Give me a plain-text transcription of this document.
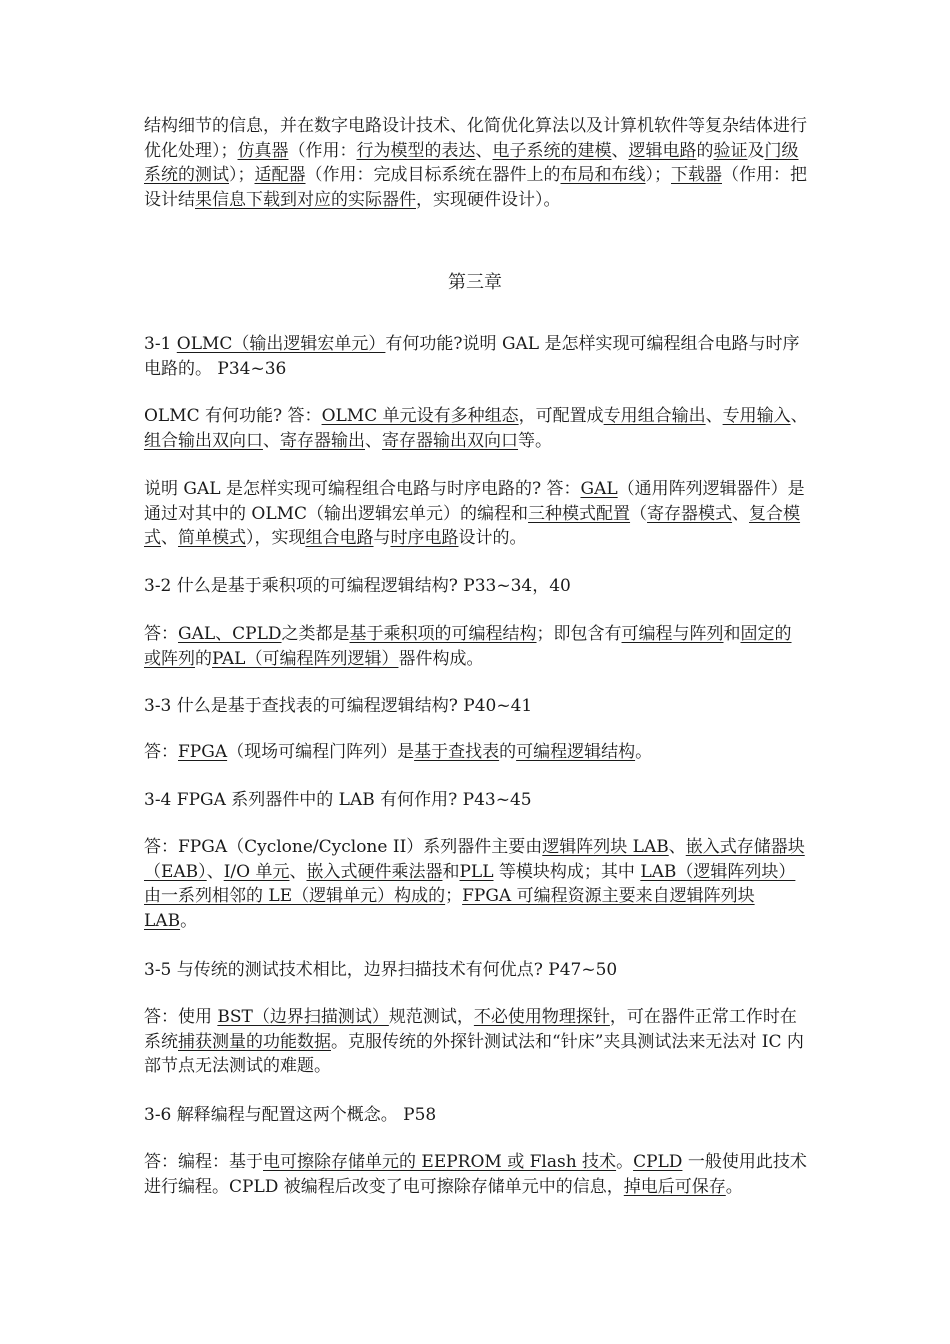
结构细节的信息，并在数字电路设计技术、化简优化算法以及计算机软件等复杂结体进行优化处理）；仿真器（作用：行为模型的表达、电子系统的建模、逻辑电路的验证及门级系统的测试）；适配器（作用：完成目标系统在器件上的布局和布线）；下载器（作用：把设计结果信息下载到对应的实际器件，实现硬件设计）。

第三章

3-1 OLMC（输出逻辑宏单元）有何功能?说明 GAL 是怎样实现可编程组合电路与时序电路的。 P34~36

OLMC 有何功能? 答：OLMC 单元设有多种组态，可配置成专用组合输出、专用输入、组合输出双向口、寄存器输出、寄存器输出双向口等。

说明 GAL 是怎样实现可编程组合电路与时序电路的? 答：GAL（通用阵列逻辑器件）是通过对其中的 OLMC（输出逻辑宏单元）的编程和三种模式配置（寄存器模式、复合模式、简单模式），实现组合电路与时序电路设计的。

3-2 什么是基于乘积项的可编程逻辑结构? P33~34，40

答：GAL、CPLD之类都是基于乘积项的可编程结构；即包含有可编程与阵列和固定的或阵列的PAL（可编程阵列逻辑）器件构成。

3-3 什么是基于查找表的可编程逻辑结构? P40~41

答：FPGA（现场可编程门阵列）是基于查找表的可编程逻辑结构。

3-4 FPGA 系列器件中的 LAB 有何作用? P43~45

答：FPGA（Cyclone/Cyclone II）系列器件主要由逻辑阵列块 LAB、嵌入式存储器块（EAB）、I/O 单元、嵌入式硬件乘法器和PLL 等模块构成；其中 LAB（逻辑阵列块）由一系列相邻的 LE（逻辑单元）构成的；FPGA 可编程资源主要来自逻辑阵列块 LAB。

3-5 与传统的测试技术相比，边界扫描技术有何优点? P47~50

答：使用 BST（边界扫描测试）规范测试，不必使用物理探针，可在器件正常工作时在系统捕获测量的功能数据。克服传统的外探针测试法和“针床”夹具测试法来无法对 IC 内部节点无法测试的难题。

3-6 解释编程与配置这两个概念。 P58

答：编程：基于电可擦除存储单元的 EEPROM 或 Flash 技术。CPLD 一般使用此技术进行编程。CPLD 被编程后改变了电可擦除存储单元中的信息，掉电后可保存。
